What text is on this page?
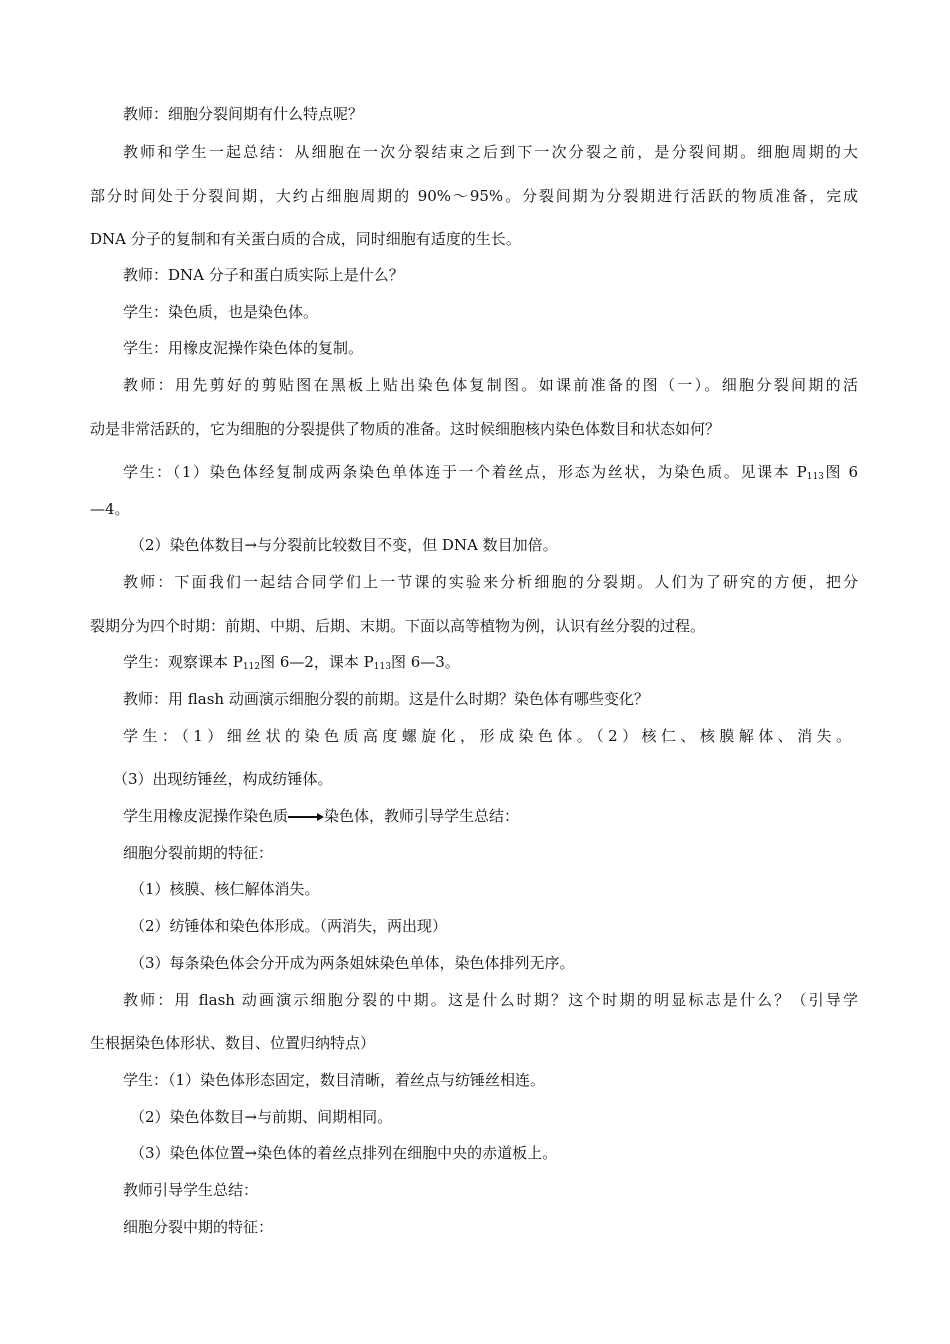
教师：细胞分裂间期有什么特点呢？
教师和学生一起总结：从细胞在一次分裂结束之后到下一次分裂之前，是分裂间期。细胞周期的大
部分时间处于分裂间期，大约占细胞周期的 90%～95%。分裂间期为分裂期进行活跃的物质准备，完成
DNA 分子的复制和有关蛋白质的合成，同时细胞有适度的生长。
教师：DNA 分子和蛋白质实际上是什么？
学生：染色质，也是染色体。
学生：用橡皮泥操作染色体的复制。
教师：用先剪好的剪贴图在黑板上贴出染色体复制图。如课前准备的图（一）。细胞分裂间期的活
动是非常活跃的，它为细胞的分裂提供了物质的准备。这时候细胞核内染色体数目和状态如何？
学生：（1）染色体经复制成两条染色单体连于一个着丝点，形态为丝状，为染色质。见课本 $P_{113}$图 6
—4。
（2）染色体数目→与分裂前比较数目不变，但 DNA 数目加倍。
教师：下面我们一起结合同学们上一节课的实验来分析细胞的分裂期。人们为了研究的方便，把分
裂期分为四个时期：前期、中期、后期、末期。下面以高等植物为例，认识有丝分裂的过程。
学生：观察课本 $P_{112}$图 6—2，课本 $P_{113}$图 6—3。
教师：用 flash 动画演示细胞分裂的前期。这是什么时期？染色体有哪些变化？
学生：（1）细丝状的染色质高度螺旋化，形成染色体。（2）核仁、核膜解体、消失。
（3）出现纺锤丝，构成纺锤体。
学生用橡皮泥操作染色质 染色体，教师引导学生总结：
细胞分裂前期的特征：
（1）核膜、核仁解体消失。
（2）纺锤体和染色体形成。（两消失，两出现）
（3）每条染色体会分开成为两条姐妹染色单体，染色体排列无序。
教师：用 flash 动画演示细胞分裂的中期。这是什么时期？这个时期的明显标志是什么？（引导学
生根据染色体形状、数目、位置归纳特点）
学生：（1）染色体形态固定，数目清晰，着丝点与纺锤丝相连。
（2）染色体数目→与前期、间期相同。
（3）染色体位置→染色体的着丝点排列在细胞中央的赤道板上。
教师引导学生总结：
细胞分裂中期的特征：
